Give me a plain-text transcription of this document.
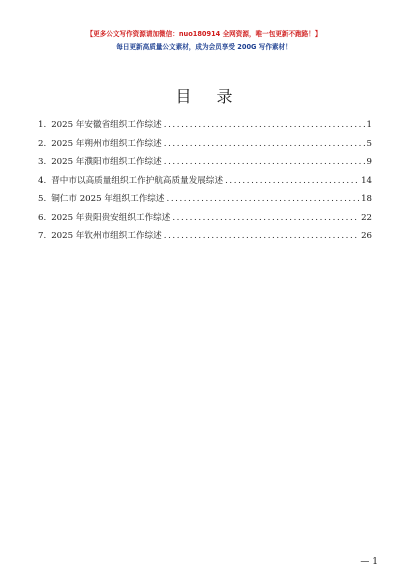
【更多公文写作资源请加微信：nuo180914 全网资源，唯一包更新不跑路！】
每日更新高质量公文素材，成为会员享受 200G 写作素材！
目 录
1. 2025 年安徽省组织工作综述 .....	1
2. 2025 年朔州市组织工作综述 .....	5
3. 2025 年濮阳市组织工作综述 .....	9
4. 晋中市以高质量组织工作护航高质量发展综述 .....	14
5. 铜仁市 2025 年组织工作综述 .....	18
6. 2025 年贵阳贵安组织工作综述 .....	22
7. 2025 年钦州市组织工作综述 .....	26
— 1
